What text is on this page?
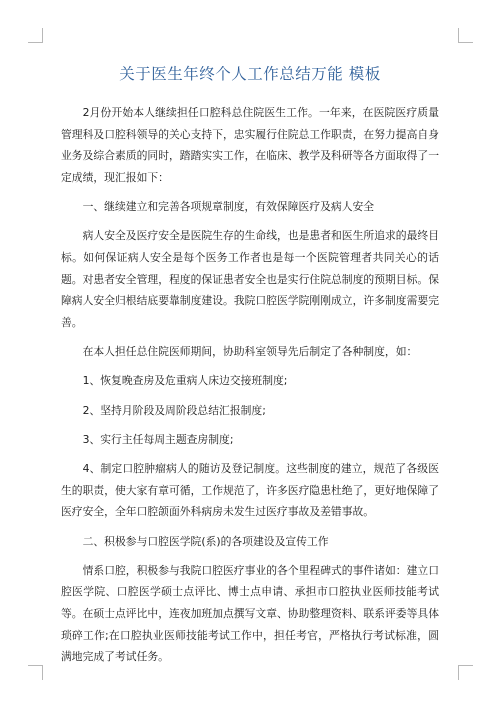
关于医生年终个人工作总结万能 模板

2月份开始本人继续担任口腔科总住院医生工作。一年来，在医院医疗质量管理科及口腔科领导的关心支持下，忠实履行住院总工作职责，在努力提高自身业务及综合素质的同时，踏踏实实工作，在临床、教学及科研等各方面取得了一定成绩，现汇报如下：

一、继续建立和完善各项规章制度，有效保障医疗及病人安全

病人安全及医疗安全是医院生存的生命线，也是患者和医生所追求的最终目标。如何保证病人安全是每个医务工作者也是每一个医院管理者共同关心的话题。对患者安全管理，程度的保证患者安全也是实行住院总制度的预期目标。保障病人安全归根结底要靠制度建设。我院口腔医学院刚刚成立，许多制度需要完善。

在本人担任总住院医师期间，协助科室领导先后制定了各种制度，如：

1、恢复晚查房及危重病人床边交接班制度;

2、坚持月阶段及周阶段总结汇报制度;

3、实行主任每周主题查房制度;

4、制定口腔肿瘤病人的随访及登记制度。这些制度的建立，规范了各级医生的职责，使大家有章可循，工作规范了，许多医疗隐患杜绝了，更好地保障了医疗安全，全年口腔颌面外科病房未发生过医疗事故及差错事故。

二、积极参与口腔医学院(系)的各项建设及宣传工作

情系口腔，积极参与我院口腔医疗事业的各个里程碑式的事件诸如：建立口腔医学院、口腔医学硕士点评比、博士点申请、承担市口腔执业医师技能考试等。在硕士点评比中，连夜加班加点撰写文章、协助整理资料、联系评委等具体琐碎工作;在口腔执业医师技能考试工作中，担任考官，严格执行考试标准，圆满地完成了考试任务。
